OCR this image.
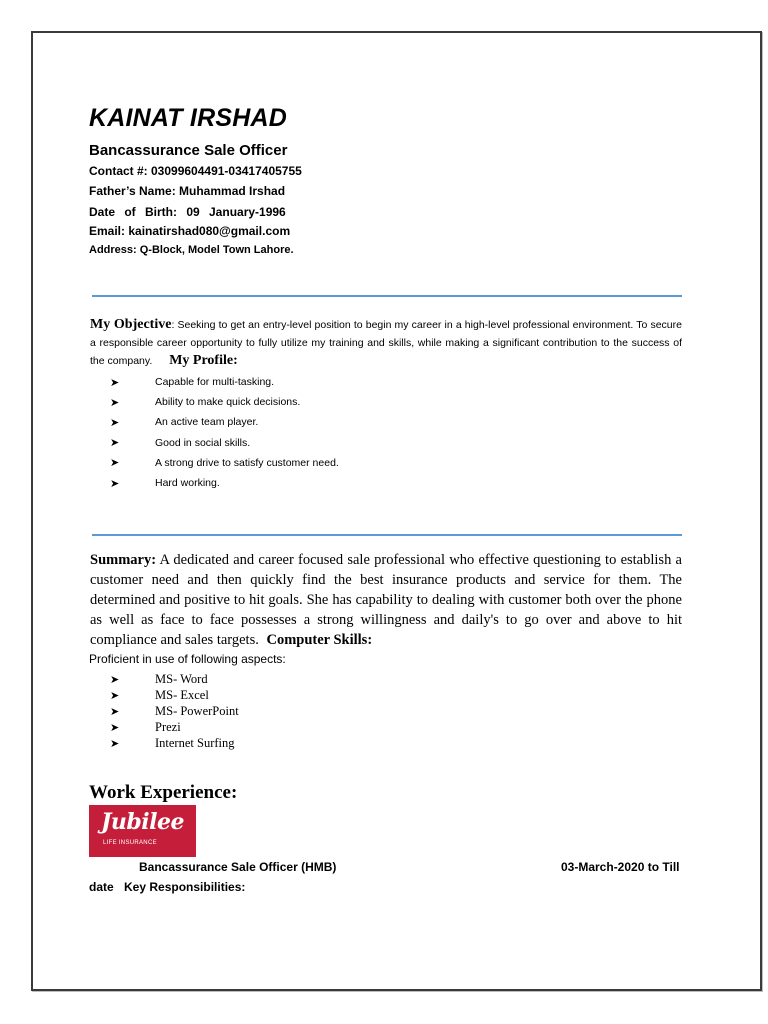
KAINAT IRSHAD
Bancassurance Sale Officer
Contact #: 03099604491-03417405755
Father’s Name: Muhammad Irshad
Date of Birth: 09 January-1996
Email: kainatirshad080@gmail.com
Address: Q-Block, Model Town Lahore.
My Objective: Seeking to get an entry-level position to begin my career in a high-level professional environment. To secure a responsible career opportunity to fully utilize my training and skills, while making a significant contribution to the success of the company. My Profile:
➤	Capable for multi-tasking.
➤	Ability to make quick decisions.
➤	An active team player.
➤	Good in social skills.
➤	A strong drive to satisfy customer need.
➤	Hard working.
Summary: A dedicated and career focused sale professional who effective questioning to establish a customer need and then quickly find the best insurance products and service for them. The determined and positive to hit goals. She has capability to dealing with customer both over the phone as well as face to face possesses a strong willingness and daily's to go over and above to hit compliance and sales targets. Computer Skills:
Proficient in use of following aspects:
➤	MS- Word
➤	MS- Excel
➤	MS- PowerPoint
➤	Prezi
➤	Internet Surfing
Work Experience:
Jubilee
LIFE INSURANCE
Bancassurance Sale Officer (HMB)	03-March-2020 to Till
date Key Responsibilities:
